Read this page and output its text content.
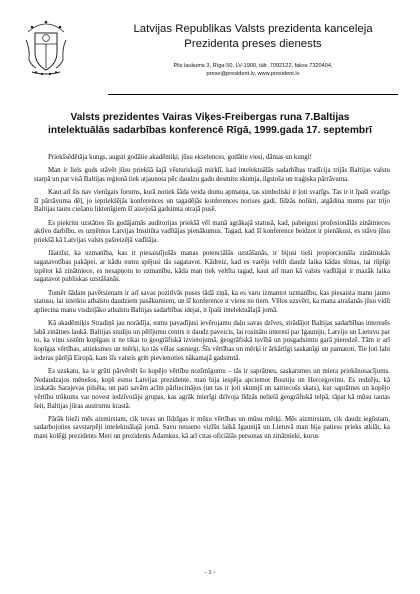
Latvijas Republikas Valsts prezidenta kanceleja

Prezidenta preses dienests

Pils laukums 3, Rīga-50, LV-1900, tālr. 7092122, fakss 7320404,
prese@president.lv, www.president.lv
Valsts prezidentes Vairas Viķes-Freibergas runa 7.Baltijas
intelektuālās sadarbības konferencē Rīgā, 1999.gada 17. septembrī

Priekšsēdētāja kungs, augsti godātie akadēmiķi, jūsu ekselences, godātie viesi, dāmas un kungi!

Man ir liels gods stāvēt jūsu priekšā šajā vēsturiskajā mirklī, kad intelektuālās sadarbības tradīcija trijās Baltijas valstu starpā un pat visā Baltijas reģionā tiek atjaunota pēc daudzu gadu desmitu skumja, ilgstoša un traģiska pārrāvuma.

Kaut arī šis nav vienīgais forums, kurā notiek šāda veida domu apmaiņa, tas simboliski ir ļoti svarīgs. Tas ir it īpaši svarīgs šī pārrāvuma dēļ, jo iepriekšējās konferences un tagadējās konferences norises gadi, līdzās nolikti, atgādina mums par trijo Baltijas tautu ciešanu liktenīgiem šī aizejošā gadsimta otrajā pusē.

Es piekritu uzstāties šīs godājamās auditorijas priekšā vēl manā agrākajā statusā, kad, pabeigusi profesionālās zinātnieces aktīvo darbību, es uzņēmos Latvijas Institūta vadītājas pienākumus. Tagad, kad šī konference beidzot ir pienākusi, es stāvu jūsu priekšā kā Latvijas valsts pašreizējā vadītāja.

Jāatzīst, ka uzmanība, kas ir piesaistījušās manas potenciālās uzstāšanās, ir bijusi tieši proporcionāla zinātniskās sagatavotības pakāpei, ar kādu esmu spējusi tās sagatavot. Kādreiz, kad es varēju veltīt daudz laika kādas tēmas, tai rūpīgi izpētot kā zinātniece, es nesapņotu to uzmanību, kāda man tiek veltīta tagad, kaut arī man kā valsts vadītājai ir mazāk laika sagatavot publiskas uzstāšanās.

Tomēr šādam pavērsienam ir arī savas pozitīvās puses tādā ziņā, ka es varu izmantot uzmanību, kas piesaista manu jauno statusu, lai izteiktu atbalstu daudziem pasākumiem, un šī konference ir viens no tiem. Vēlos uzsvērt, ka mana atrašanās jūsu vidū apliecina manu visdziļāko atbalstu Baltijas sadarbības idejai, it īpaši intelektuālajā jomā.

Kā akadēmiķis Stradiņš jau norādīja, esmu pavadījusi ievērojamu daļu savas dzīves, strādājot Baltijas sadarbības interesēs labā zinātnes laukā. Baltijas studiju un pētījumu centrs ir daudz paveicis, lai rosinātu interesi par Igauniju, Latviju un Lietuvu par to, ka viņu sistēm kopīgais ir ne tikai to ģeogrāfiskā izvietojumā, ģeogrāfiskā tuvībā un pusgadsimtu garā pieredzē. Tām ir arī kopīgas vērtības, attieksmes un mērķi, ko tās vēlas sasniegt. Šīs vērtības un mērķi ir ārkārtīgi saskanīgi un pamatoti. Tie ļoti labi iederas pārējā Eiropā, kam šīs valstis grib pievienoties nākamajā gadsimtā.

Es uzskatu, ka ir grūti pārvērtēt šo kopējo vērtību nozīmīgumu – tās ir saprātnes, saskarsmes un miera priekšnosacījums. Nedaudzajos mēnešos, kopš esmu Latvijas prezidente, man bija iespēja apciemot Bosniju un Hercegovinu. Es redzēju, kā izskatās Sarajevas pilsēta, un pati savām acīm pārliecinājos (un tas ir ļoti skumjš un satriecošs skats), kur saprātnes un kopējo vērtību trūkums var novest iedzīvotāju grupas, kas agrāk mierīgi dzīvoja līdzās nelielā ģeogrāfiskā telpā, tāpat kā mūsu tautas šeit, Baltijas jūras austrumu krastā.

Pārāk bieži mēs aizmirstam, cik tuvas un līdzīgas ir mūsu vērtības un mūsu mērķi. Mēs aizmirstam, cik daudz iegūstam, sadarbojoties savstarpēji intelektuālajā jomā. Savu nesseno vizīšu laikā Igaunijā un Lietuvā man bija patiess prieks atklāt, ka mani kolēģi prezidents Meri un prezidents Adamkus, kā arī citas oficiālās personas un zinātnieki, kurus

- 1 -
